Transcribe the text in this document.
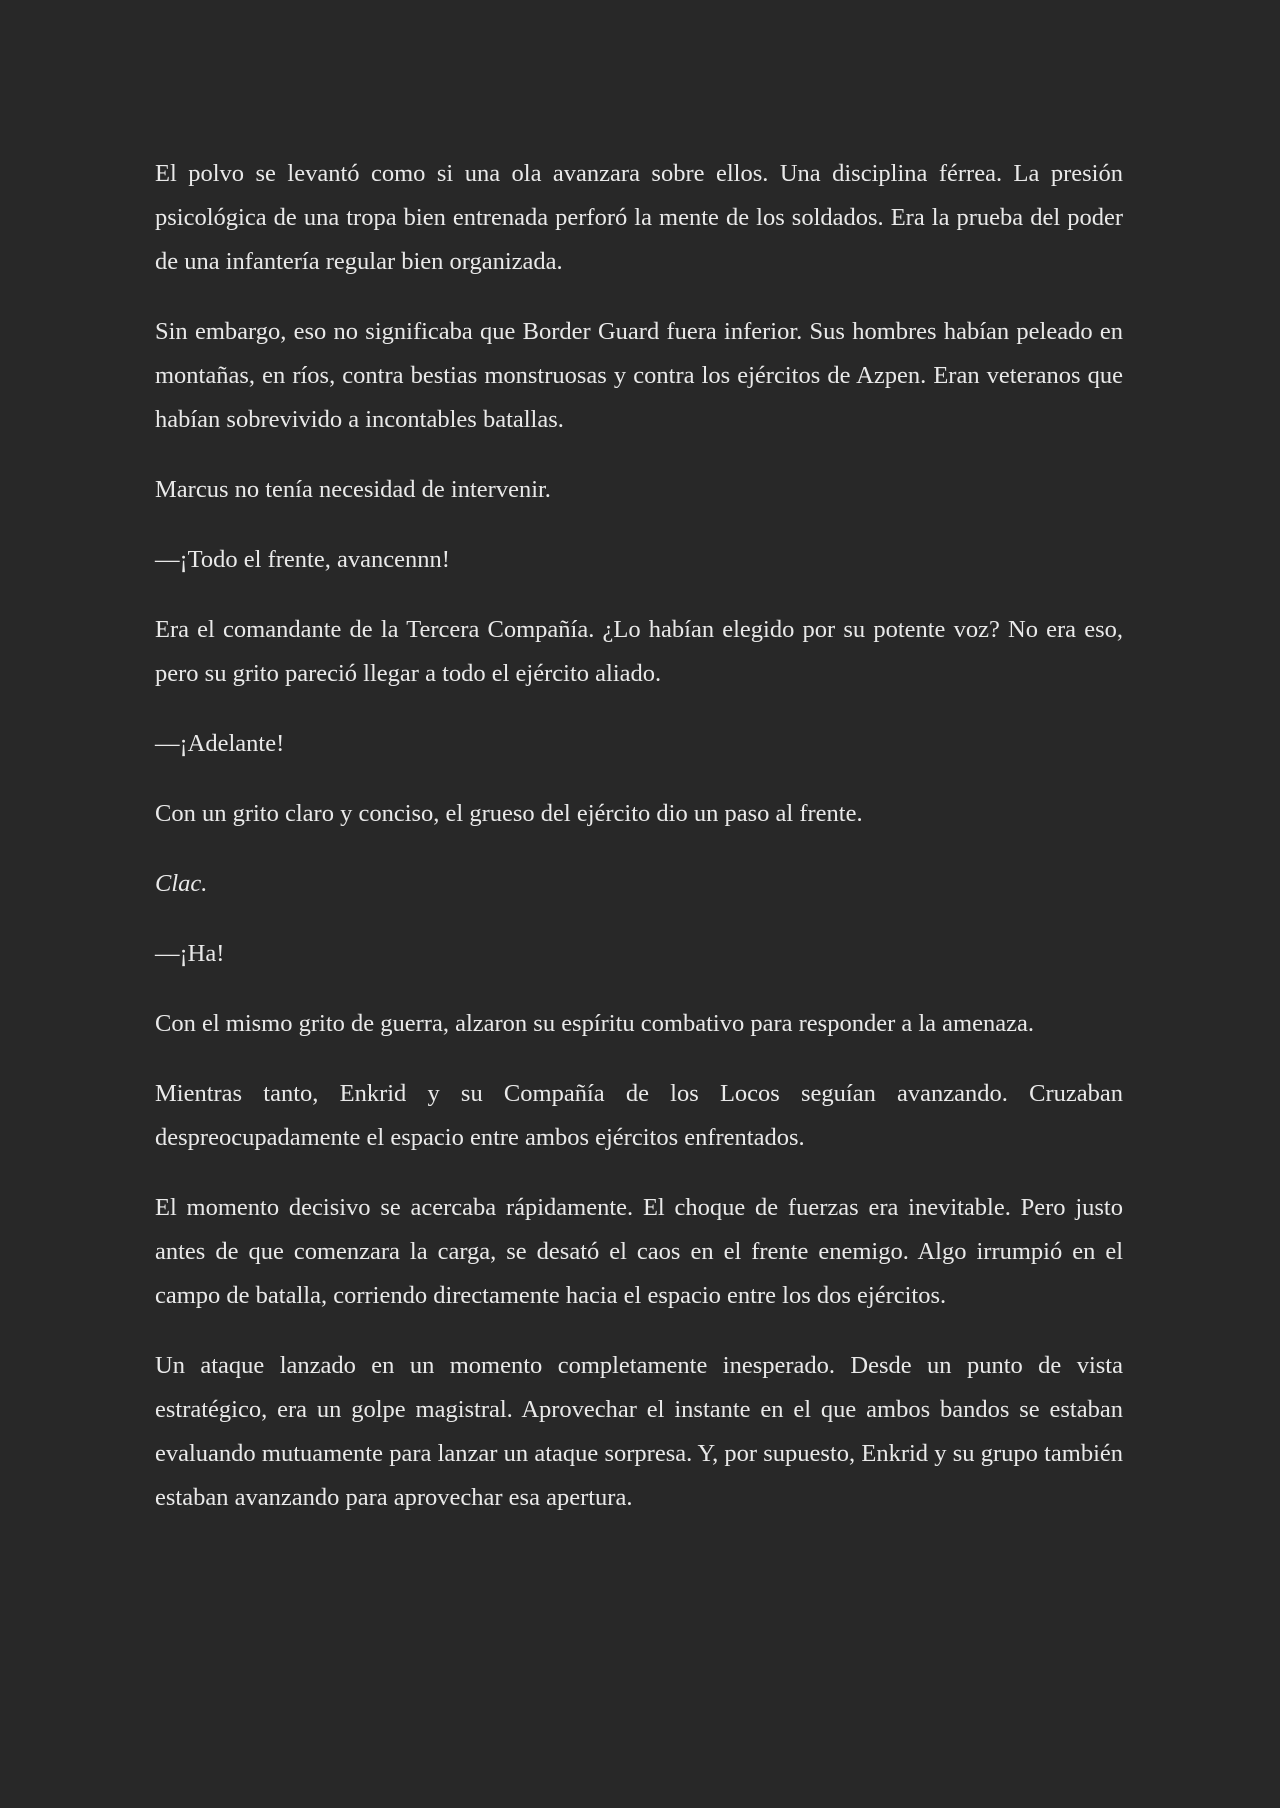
El polvo se levantó como si una ola avanzara sobre ellos. Una disciplina férrea. La presión psicológica de una tropa bien entrenada perforó la mente de los soldados. Era la prueba del poder de una infantería regular bien organizada.

Sin embargo, eso no significaba que Border Guard fuera inferior. Sus hombres habían peleado en montañas, en ríos, contra bestias monstruosas y contra los ejércitos de Azpen. Eran veteranos que habían sobrevivido a incontables batallas.

Marcus no tenía necesidad de intervenir.

—¡Todo el frente, avancennn!

Era el comandante de la Tercera Compañía. ¿Lo habían elegido por su potente voz? No era eso, pero su grito pareció llegar a todo el ejército aliado.

—¡Adelante!

Con un grito claro y conciso, el grueso del ejército dio un paso al frente.

Clac.

—¡Ha!

Con el mismo grito de guerra, alzaron su espíritu combativo para responder a la amenaza.

Mientras tanto, Enkrid y su Compañía de los Locos seguían avanzando. Cruzaban despreocupadamente el espacio entre ambos ejércitos enfrentados.

El momento decisivo se acercaba rápidamente. El choque de fuerzas era inevitable. Pero justo antes de que comenzara la carga, se desató el caos en el frente enemigo. Algo irrumpió en el campo de batalla, corriendo directamente hacia el espacio entre los dos ejércitos.

Un ataque lanzado en un momento completamente inesperado. Desde un punto de vista estratégico, era un golpe magistral. Aprovechar el instante en el que ambos bandos se estaban evaluando mutuamente para lanzar un ataque sorpresa. Y, por supuesto, Enkrid y su grupo también estaban avanzando para aprovechar esa apertura.
